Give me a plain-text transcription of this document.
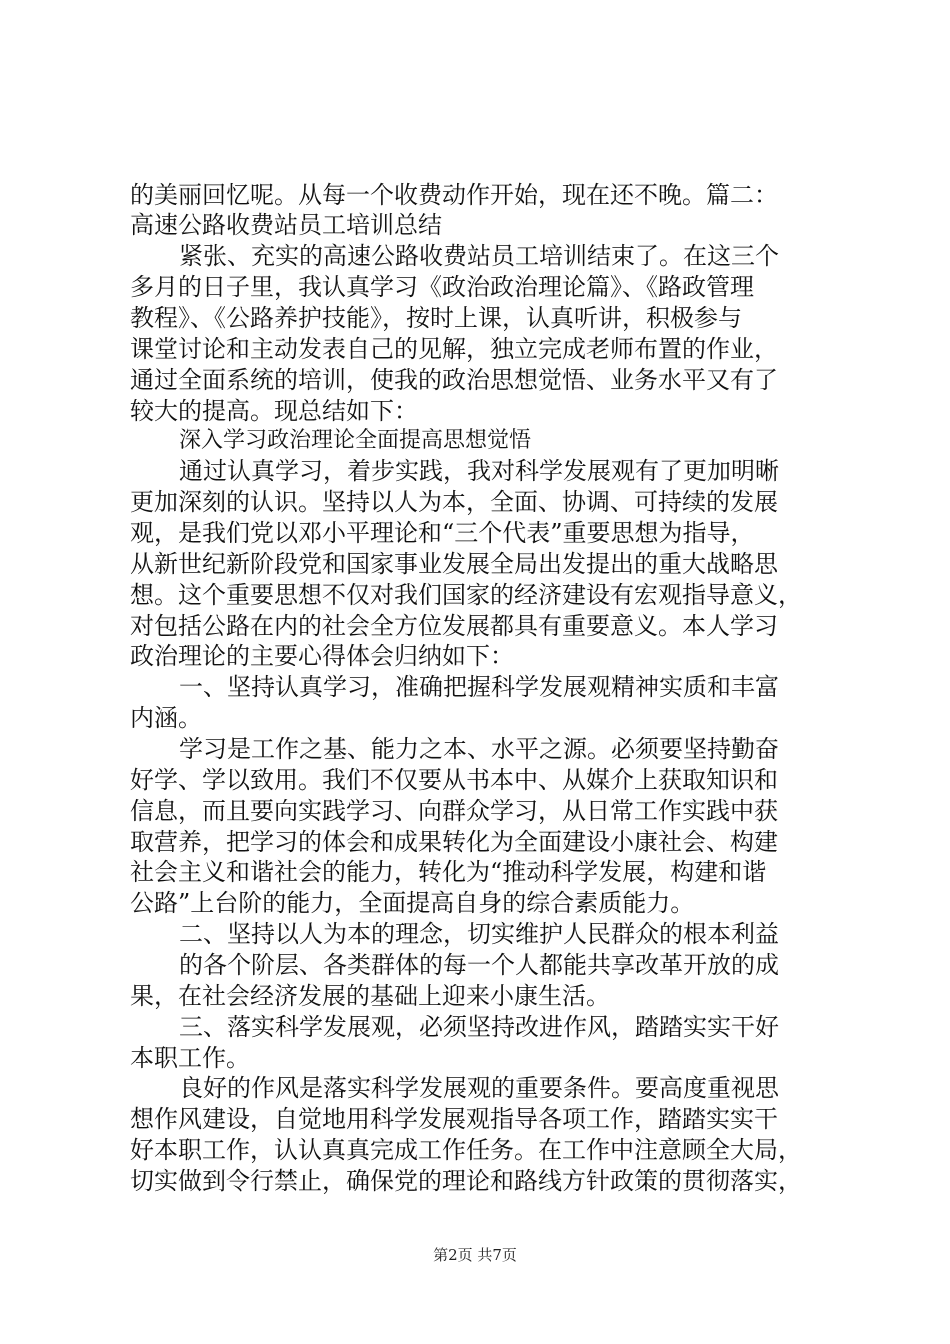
的美丽回忆呢。从每一个收费动作开始，现在还不晚。篇二：
高速公路收费站员工培训总结
紧张、充实的高速公路收费站员工培训结束了。在这三个
多月的日子里，我认真学习《政治政治理论篇》、《路政管理
教程》、《公路养护技能》，按时上课，认真听讲，积极参与
课堂讨论和主动发表自己的见解，独立完成老师布置的作业，
通过全面系统的培训，使我的政治思想觉悟、业务水平又有了
较大的提高。现总结如下：
深入学习政治理论全面提高思想觉悟
通过认真学习，着步实践，我对科学发展观有了更加明晰
更加深刻的认识。坚持以人为本，全面、协调、可持续的发展
观，是我们党以邓小平理论和“三个代表”重要思想为指导，
从新世纪新阶段党和国家事业发展全局出发提出的重大战略思
想。这个重要思想不仅对我们国家的经济建设有宏观指导意义，
对包括公路在内的社会全方位发展都具有重要意义。本人学习
政治理论的主要心得体会归纳如下：
一、坚持认真学习，准确把握科学发展观精神实质和丰富
内涵。
学习是工作之基、能力之本、水平之源。必须要坚持勤奋
好学、学以致用。我们不仅要从书本中、从媒介上获取知识和
信息，而且要向实践学习、向群众学习，从日常工作实践中获
取营养，把学习的体会和成果转化为全面建设小康社会、构建
社会主义和谐社会的能力，转化为“推动科学发展，构建和谐
公路”上台阶的能力，全面提高自身的综合素质能力。
二、坚持以人为本的理念，切实维护人民群众的根本利益
的各个阶层、各类群体的每一个人都能共享改革开放的成
果，在社会经济发展的基础上迎来小康生活。
三、落实科学发展观，必须坚持改进作风，踏踏实实干好
本职工作。
良好的作风是落实科学发展观的重要条件。要高度重视思
想作风建设，自觉地用科学发展观指导各项工作，踏踏实实干
好本职工作，认认真真完成工作任务。在工作中注意顾全大局，
切实做到令行禁止，确保党的理论和路线方针政策的贯彻落实，
第2页 共7页
